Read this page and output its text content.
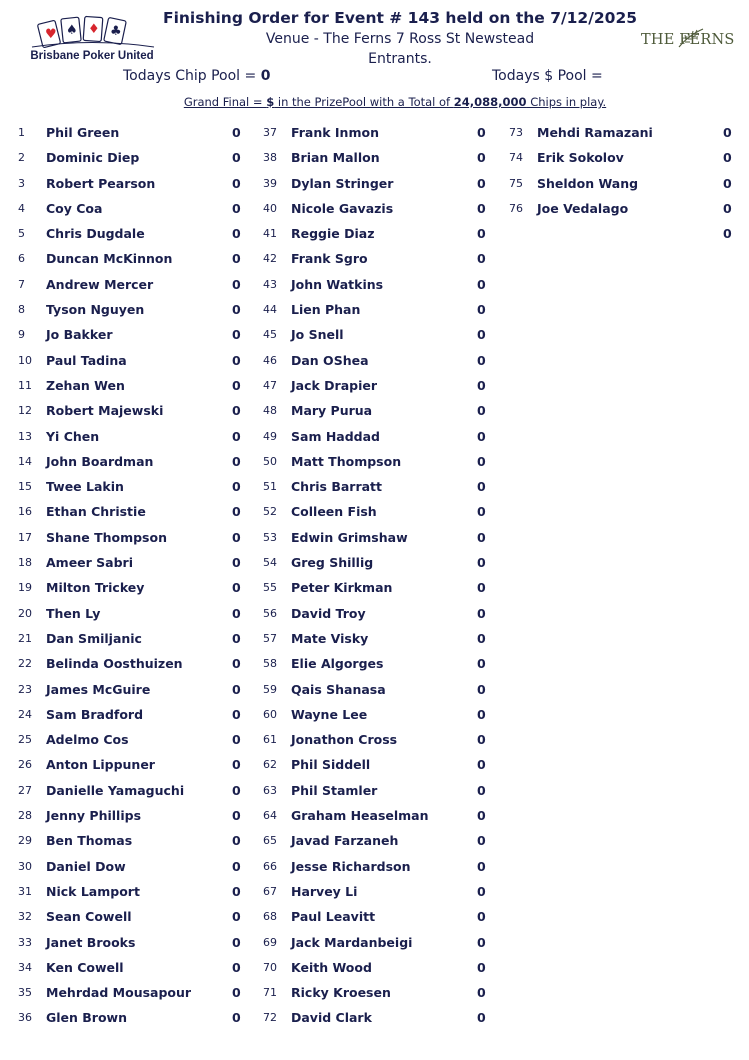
♥ ♠ ♦ ♣
Brisbane Poker United
THE FERNS
Finishing Order for Event # 143 held on the 7/12/2025
Venue - The Ferns 7 Ross St Newstead
Entrants.
Todays Chip Pool = 0	Todays $ Pool =
Grand Final = $ in the PrizePool with a Total of 24,088,000 Chips in play.
1 Phil Green	0
2 Dominic Diep	0
3 Robert Pearson	0
4 Coy Coa	0
5 Chris Dugdale	0
6 Duncan McKinnon	0
7 Andrew Mercer	0
8 Tyson Nguyen	0
9 Jo Bakker	0
10 Paul Tadina	0
11 Zehan Wen	0
12 Robert Majewski	0
13 Yi Chen	0
14 John Boardman	0
15 Twee Lakin	0
16 Ethan Christie	0
17 Shane Thompson	0
18 Ameer Sabri	0
19 Milton Trickey	0
20 Then Ly	0
21 Dan Smiljanic	0
22 Belinda Oosthuizen	0
23 James McGuire	0
24 Sam Bradford	0
25 Adelmo Cos	0
26 Anton Lippuner	0
27 Danielle Yamaguchi	0
28 Jenny Phillips	0
29 Ben Thomas	0
30 Daniel Dow	0
31 Nick Lamport	0
32 Sean Cowell	0
33 Janet Brooks	0
34 Ken Cowell	0
35 Mehrdad Mousapour	0
36 Glen Brown	0
37 Frank Inmon	0
38 Brian Mallon	0
39 Dylan Stringer	0
40 Nicole Gavazis	0
41 Reggie Diaz	0
42 Frank Sgro	0
43 John Watkins	0
44 Lien Phan	0
45 Jo Snell	0
46 Dan OShea	0
47 Jack Drapier	0
48 Mary Purua	0
49 Sam Haddad	0
50 Matt Thompson	0
51 Chris Barratt	0
52 Colleen Fish	0
53 Edwin Grimshaw	0
54 Greg Shillig	0
55 Peter Kirkman	0
56 David Troy	0
57 Mate Visky	0
58 Elie Algorges	0
59 Qais Shanasa	0
60 Wayne Lee	0
61 Jonathon Cross	0
62 Phil Siddell	0
63 Phil Stamler	0
64 Graham Heaselman	0
65 Javad Farzaneh	0
66 Jesse Richardson	0
67 Harvey Li	0
68 Paul Leavitt	0
69 Jack Mardanbeigi	0
70 Keith Wood	0
71 Ricky Kroesen	0
72 David Clark	0
73 Mehdi Ramazani	0
74 Erik Sokolov	0
75 Sheldon Wang	0
76 Joe Vedalago	0
0
